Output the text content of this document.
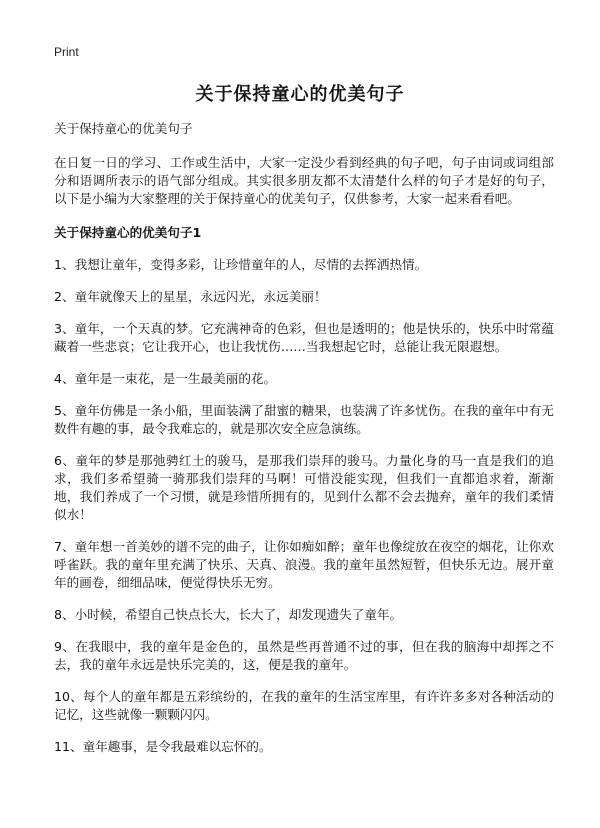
Print
关于保持童心的优美句子

关于保持童心的优美句子

在日复一日的学习、工作或生活中，大家一定没少看到经典的句子吧，句子由词或词组部分和语调所表示的语气部分组成。其实很多朋友都不太清楚什么样的句子才是好的句子，以下是小编为大家整理的关于保持童心的优美句子，仅供参考，大家一起来看看吧。

关于保持童心的优美句子1

1、我想让童年，变得多彩，让珍惜童年的人，尽情的去挥洒热情。

2、童年就像天上的星星，永远闪光，永远美丽！

3、童年，一个天真的梦。它充满神奇的色彩，但也是透明的；他是快乐的，快乐中时常蕴藏着一些悲哀；它让我开心，也让我忧伤……当我想起它时，总能让我无限遐想。

4、童年是一束花，是一生最美丽的花。

5、童年仿佛是一条小船，里面装满了甜蜜的糖果，也装满了许多忧伤。在我的童年中有无数件有趣的事，最令我难忘的，就是那次安全应急演练。

6、童年的梦是那弛骋红土的骏马，是那我们崇拜的骏马。力量化身的马一直是我们的追求，我们多希望骑一骑那我们崇拜的马啊！可惜没能实现，但我们一直都追求着，渐渐地，我们养成了一个习惯，就是珍惜所拥有的，见到什么都不会去抛弃，童年的我们柔情似水！

7、童年想一首美妙的谱不完的曲子，让你如痴如醉；童年也像绽放在夜空的烟花，让你欢呼雀跃。我的童年里充满了快乐、天真、浪漫。我的童年虽然短暂，但快乐无边。展开童年的画卷，细细品味，便觉得快乐无穷。

8、小时候，希望自己快点长大，长大了，却发现遗失了童年。

9、在我眼中，我的童年是金色的，虽然是些再普通不过的事，但在我的脑海中却挥之不去，我的童年永远是快乐完美的，这，便是我的童年。

10、每个人的童年都是五彩缤纷的，在我的童年的生活宝库里，有许许多多对各种活动的记忆，这些就像一颗颗闪闪。

11、童年趣事，是令我最难以忘怀的。
